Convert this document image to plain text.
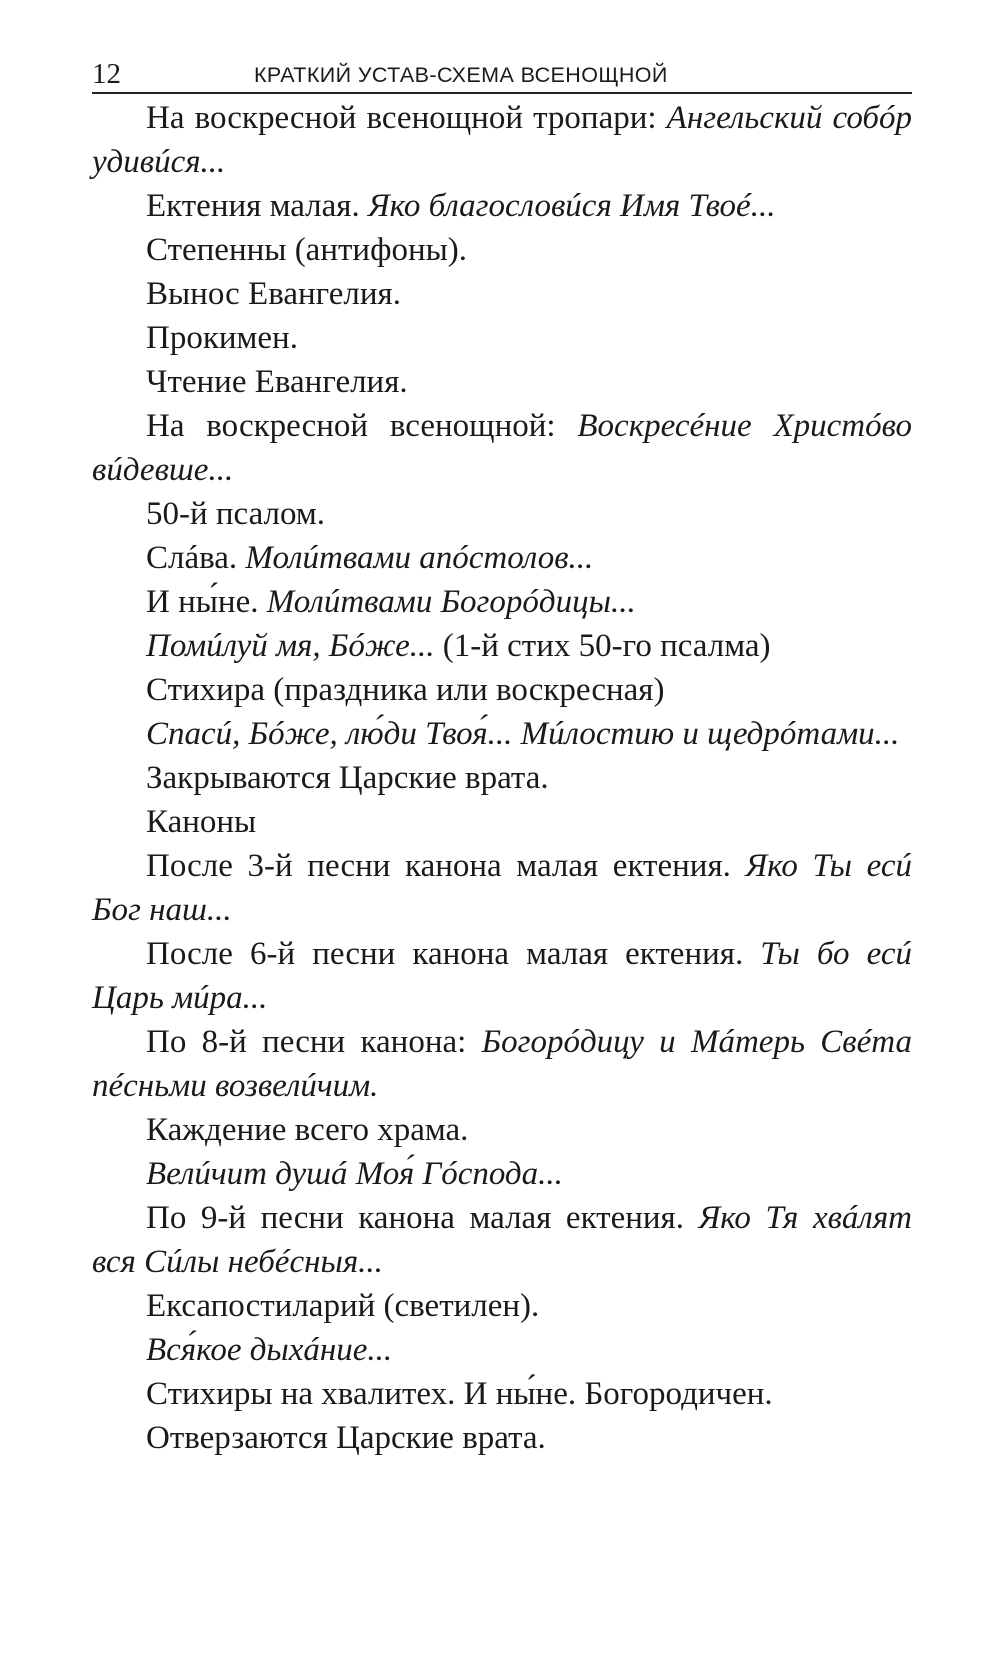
12	КРАТКИЙ УСТАВ-СХЕМА ВСЕНОЩНОЙ

На воскресной всенощной тропари: Ангельский собóр удивúся...

Ектения малая. Яко благословúся Имя Твоé...

Степенны (антифоны).

Вынос Евангелия.

Прокимен.

Чтение Евангелия.

На воскресной всенощной: Воскресéние Христóво вúдевше...

50-й псалом.

Слáва. Молúтвами апóстолов...

И ны́не. Молúтвами Богорóдицы...

Помúлуй мя, Бóже... (1-й стих 50-го псалма)

Стихира (праздника или воскресная)

Спасú, Бóже, лю́ди Твоя́... Мúлостию и щедрóтами...

Закрываются Царские врата.

Каноны

После 3-й песни канона малая ектения. Яко Ты есú Бог наш...

После 6-й песни канона малая ектения. Ты бо есú Царь мúра...

По 8-й песни канона: Богорóдицу и Мáтерь Свéта пéсньми возвелúчим.

Каждение всего храма.

Велúчит душá Моя́ Гóспода...

По 9-й песни канона малая ектения. Яко Тя хвáлят вся Сúлы небéсныя...

Ексапостиларий (светилен).

Вся́кое дыхáние...

Стихиры на хвалитех. И ны́не. Богородичен.

Отверзаются Царские врата.
